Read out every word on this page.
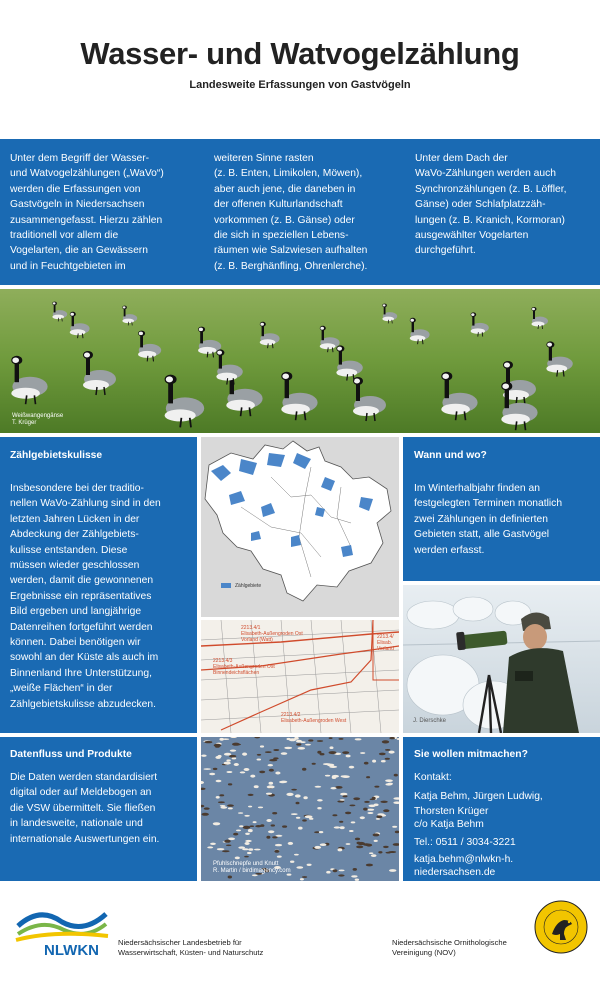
Wasser- und Watvogelzählung
Landesweite Erfassungen von Gastvögeln
Unter dem Begriff der Wasser-
und Watvogelzählungen („WaVo“)
werden die Erfassungen von
Gastvögeln in Niedersachsen
zusammengefasst. Hierzu zählen
traditionell vor allem die
Vogelarten, die an Gewässern
und in Feuchtgebieten im
weiteren Sinne rasten
(z. B. Enten, Limikolen, Möwen),
aber auch jene, die daneben in
der offenen Kulturlandschaft
vorkommen (z. B. Gänse) oder
die sich in speziellen Lebens-
räumen wie Salzwiesen aufhalten
(z. B. Berghänfling, Ohrenlerche).
Unter dem Dach der
WaVo-Zählungen werden auch
Synchronzählungen (z. B. Löffler,
Gänse) oder Schlafplatzzäh-
lungen (z. B. Kranich, Kormoran)
ausgewählter Vogelarten
durchgeführt.
Weißwangengänse
T. Krüger
Zählgebietskulisse
Insbesondere bei der traditio-
nellen WaVo-Zählung sind in den
letzten Jahren Lücken in der
Abdeckung der Zählgebiets-
kulisse entstanden. Diese
müssen wieder geschlossen
werden, damit die gewonnenen
Ergebnisse ein repräsentatives
Bild ergeben und langjährige
Datenreihen fortgeführt werden
können. Dabei benötigen wir
sowohl an der Küste als auch im
Binnenland Ihre Unterstützung,
„weiße Flächen“ in der
Zählgebietskulisse abzudecken.
Zählgebiete
2213.4/1
Elisabeth-Außengroden Ost
Vorland (Watt)
2213.4/3
Elisabeth-Außengroden Ost
Binnendeichsflächen
2213.4/2
Elisabeth-Außengroden West
2213.4/
Elisab.
Vorland
Wann und wo?
Im Winterhalbjahr finden an
festgelegten Terminen monatlich
zwei Zählungen in definierten
Gebieten statt, alle Gastvögel
werden erfasst.
J. Dierschke
Datenfluss und Produkte
Die Daten werden standardisiert
digital oder auf Meldebogen an
die VSW übermittelt. Sie fließen
in landesweite, nationale und
internationale Auswertungen ein.
Pfuhlschnepfe und Knutt
R. Martin / birdimagency.com
Sie wollen mitmachen?
Kontakt:
Katja Behm, Jürgen Ludwig,
Thorsten Krüger
c/o Katja Behm
Tel.: 0511 / 3034-3221
katja.behm@nlwkn-h.
niedersachsen.de
NLWKN	Niedersächsischer Landesbetrieb für
Wasserwirtschaft, Küsten- und Naturschutz
Niedersächsische Ornithologische
Vereinigung (NOV)
